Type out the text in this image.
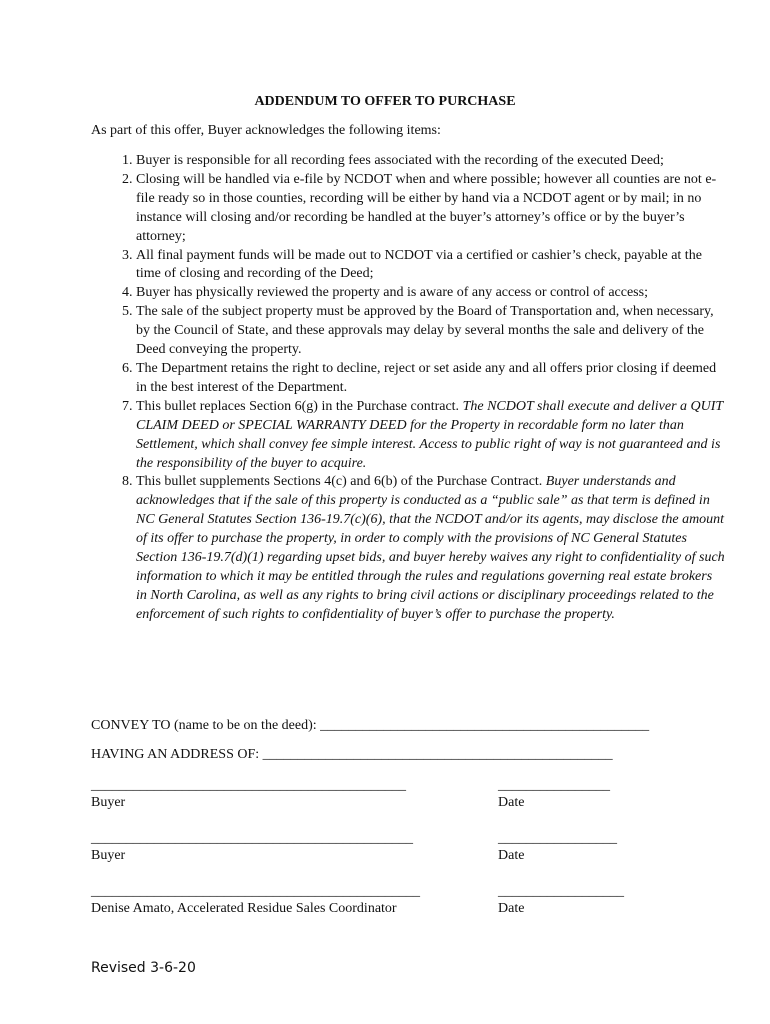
ADDENDUM TO OFFER TO PURCHASE
As part of this offer, Buyer acknowledges the following items:
1. Buyer is responsible for all recording fees associated with the recording of the executed Deed;
2. Closing will be handled via e-file by NCDOT when and where possible; however all counties are not e-file ready so in those counties, recording will be either by hand via a NCDOT agent or by mail; in no instance will closing and/or recording be handled at the buyer’s attorney’s office or by the buyer’s attorney;
3. All final payment funds will be made out to NCDOT via a certified or cashier’s check, payable at the time of closing and recording of the Deed;
4. Buyer has physically reviewed the property and is aware of any access or control of access;
5. The sale of the subject property must be approved by the Board of Transportation and, when necessary, by the Council of State, and these approvals may delay by several months the sale and delivery of the Deed conveying the property.
6. The Department retains the right to decline, reject or set aside any and all offers prior closing if deemed in the best interest of the Department.
7. This bullet replaces Section 6(g) in the Purchase contract. The NCDOT shall execute and deliver a QUIT CLAIM DEED or SPECIAL WARRANTY DEED for the Property in recordable form no later than Settlement, which shall convey fee simple interest. Access to public right of way is not guaranteed and is the responsibility of the buyer to acquire.
8. This bullet supplements Sections 4(c) and 6(b) of the Purchase Contract. Buyer understands and acknowledges that if the sale of this property is conducted as a “public sale” as that term is defined in NC General Statutes Section 136-19.7(c)(6), that the NCDOT and/or its agents, may disclose the amount of its offer to purchase the property, in order to comply with the provisions of NC General Statutes Section 136-19.7(d)(1) regarding upset bids, and buyer hereby waives any right to confidentiality of such information to which it may be entitled through the rules and regulations governing real estate brokers in North Carolina, as well as any rights to bring civil actions or disciplinary proceedings related to the enforcement of such rights to confidentiality of buyer’s offer to purchase the property.
CONVEY TO (name to be on the deed): _______________________________________________
HAVING AN ADDRESS OF: __________________________________________________
_____________________________________________
Buyer
________________
Date
______________________________________________
Buyer
_________________
Date
_______________________________________________
Denise Amato, Accelerated Residue Sales Coordinator
__________________
Date
Revised 3-6-20
